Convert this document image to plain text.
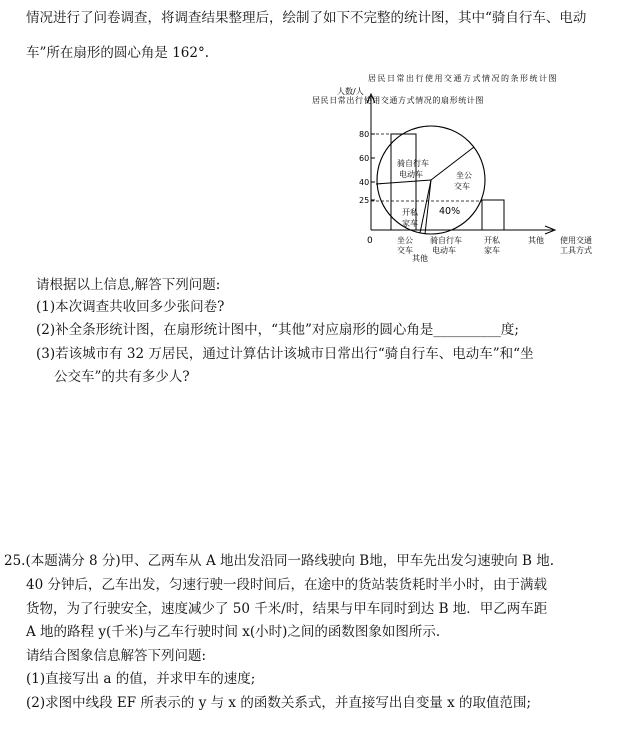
情况进行了问卷调查，将调查结果整理后，绘制了如下不完整的统计图，其中“骑自行车、电动
车”所在扇形的圆心角是 162°.
居民日常出行使用交通方式情况的条形统计图
居民日常出行使用交通方式情况的扇形统计图
人数/人
0
25
40
60
80
骑自行车
电动车	坐公
交车
40%
开私
家车
坐公
交车
骑自行车
电动车
其他
开私
家车
其他 使用交通
工具方式
请根据以上信息,解答下列问题:
(1)本次调查共收回多少张问卷?
(2)补全条形统计图，在扇形统计图中，“其他”对应扇形的圆心角是__________度;
(3)若该城市有 32 万居民，通过计算估计该城市日常出行“骑自行车、电动车”和“坐
公交车”的共有多少人?
25.(本题满分 8 分)甲、乙两车从 A 地出发沿同一路线驶向 B地，甲车先出发匀速驶向 B 地.
40 分钟后，乙车出发，匀速行驶一段时间后，在途中的货站装货耗时半小时，由于满载
货物，为了行驶安全，速度减少了 50 千米/时，结果与甲车同时到达 B 地．甲乙两车距
A 地的路程 y(千米)与乙车行驶时间 x(小时)之间的函数图象如图所示.
请结合图象信息解答下列问题:
(1)直接写出 a 的值，并求甲车的速度;
(2)求图中线段 EF 所表示的 y 与 x 的函数关系式，并直接写出自变量 x 的取值范围;
